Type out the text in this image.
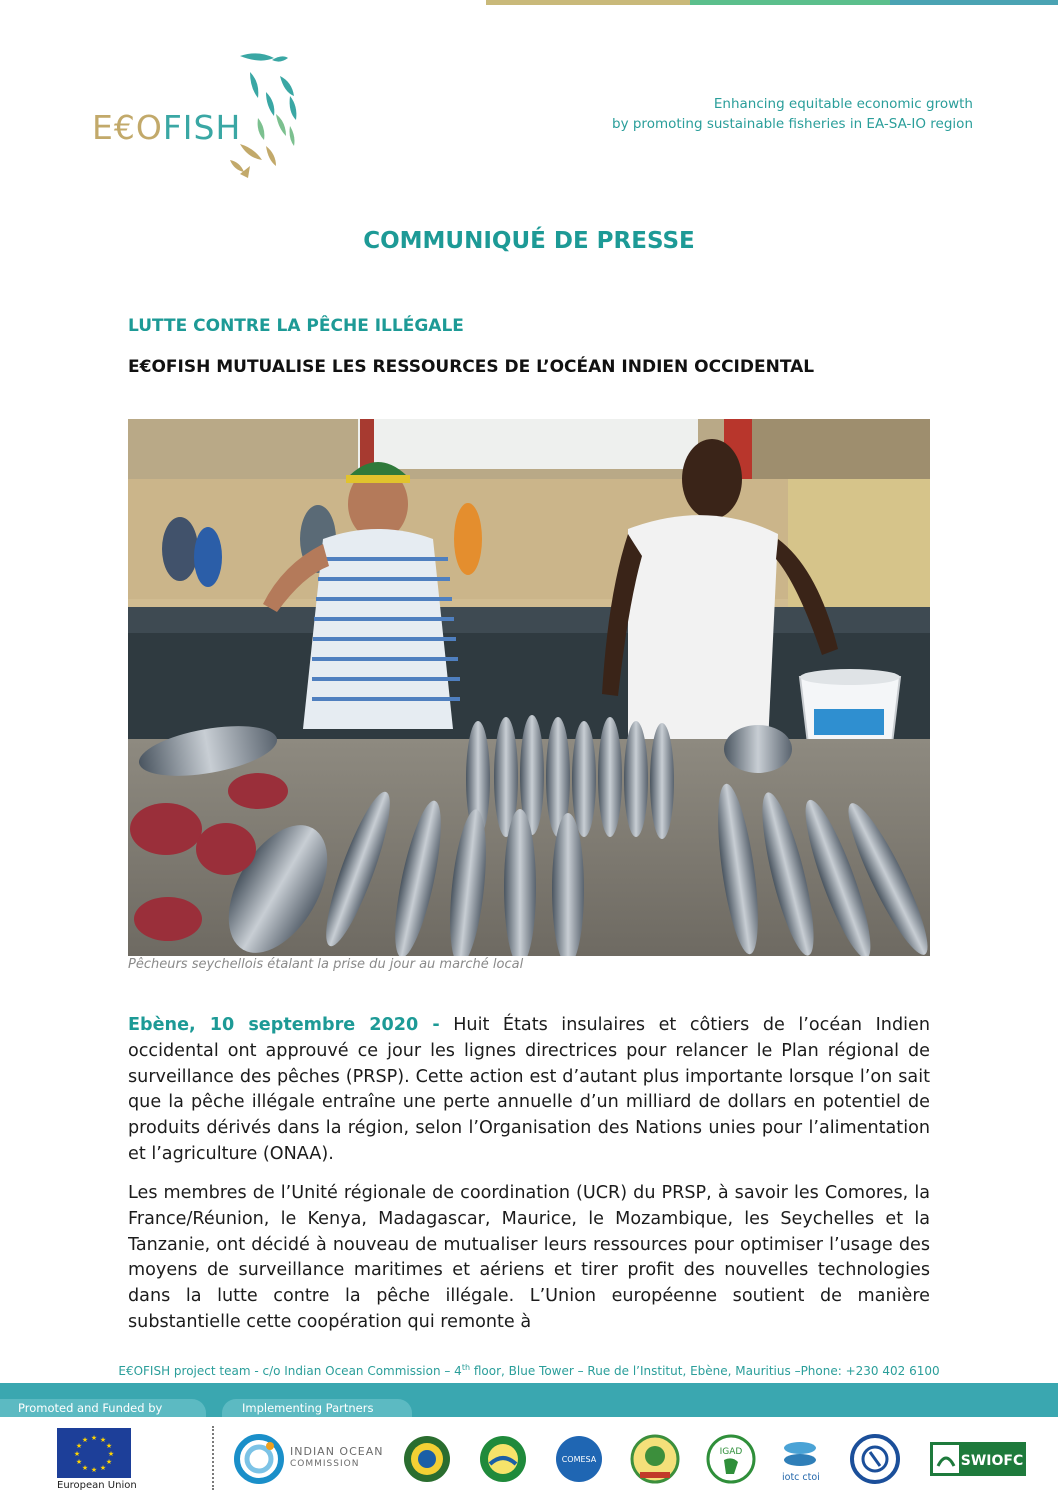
E€OFISH
Enhancing equitable economic growth
by promoting sustainable fisheries in EA-SA-IO region
COMMUNIQUÉ DE PRESSE
LUTTE CONTRE LA PÊCHE ILLÉGALE
E€OFISH MUTUALISE LES RESSOURCES DE L’OCÉAN INDIEN OCCIDENTAL
Pêcheurs seychellois étalant la prise du jour au marché local
Ebène, 10 septembre 2020 - Huit États insulaires et côtiers de l’océan Indien occidental ont approuvé ce jour les lignes directrices pour relancer le Plan régional de surveillance des pêches (PRSP). Cette action est d’autant plus importante lorsque l’on sait que la pêche illégale entraîne une perte annuelle d’un milliard de dollars en potentiel de produits dérivés dans la région, selon l’Organisation des Nations unies pour l’alimentation et l’agriculture (ONAA).
Les membres de l’Unité régionale de coordination (UCR) du PRSP, à savoir les Comores, la France/Réunion, le Kenya, Madagascar, Maurice, le Mozambique, les Seychelles et la Tanzanie, ont décidé à nouveau de mutualiser leurs ressources pour optimiser l’usage des moyens de surveillance maritimes et aériens et tirer profit des nouvelles technologies dans la lutte contre la pêche illégale. L’Union européenne soutient de manière substantielle cette coopération qui remonte à
E€OFISH project team - c/o Indian Ocean Commission – 4th floor, Blue Tower – Rue de l’Institut, Ebène, Mauritius –Phone: +230 402 6100
Promoted and Funded by	Implementing Partners
★ ★
★
★
★
★
★
★
★
★
★
★
European Union
INDIAN OCEAN
COMMISSION	COMESA
IGAD
iotc ctoi
SWIOFC
